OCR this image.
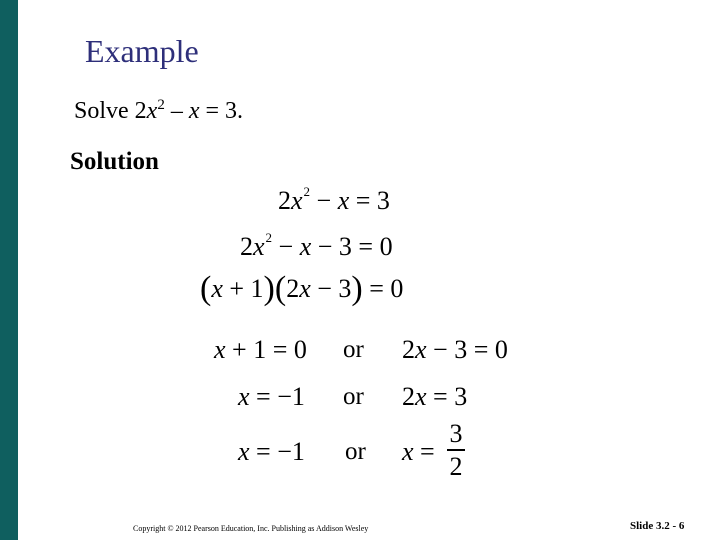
Example
Solve $2x^2 - x = 3$.
Solution
$2x^2 - x = 3$
$2x^2 - x - 3 = 0$
(x + 1)(2x − 3) = 0
x + 1 = 0 or 2x − 3 = 0
x = −1 or 2x = 3
x = −1 or x =
3
2
Copyright © 2012 Pearson Education, Inc. Publishing as Addison Wesley	Slide 3.2 - 6
